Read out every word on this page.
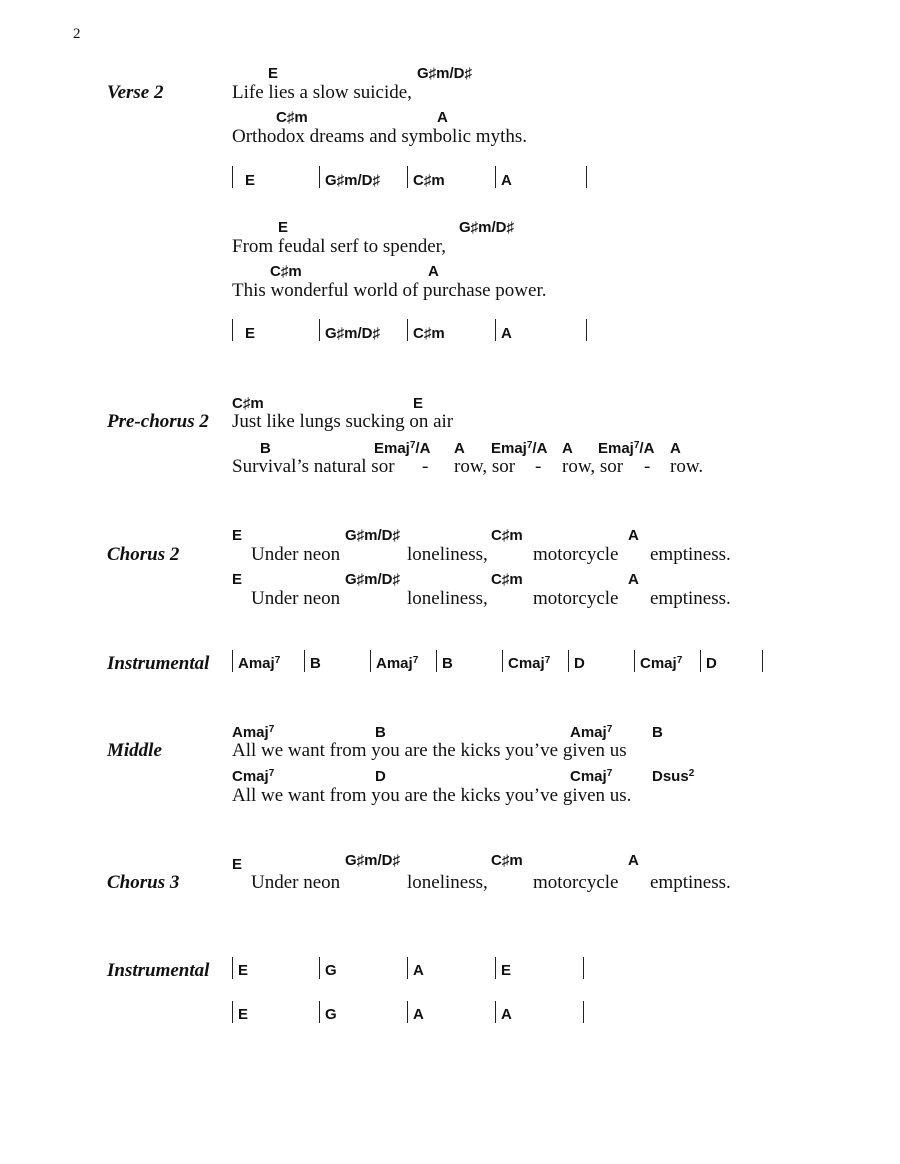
2
Verse 2
E	G♯m/D♯
Life lies a slow suicide,
C♯m	A
Orthodox dreams and symbolic myths.
E	G♯m/D♯ C♯m	A
E	G♯m/D♯
From feudal serf to spender,
C♯m	A
This wonderful world of purchase power.
E	G♯m/D♯ C♯m	A
Pre-chorus 2
C♯m	E
Just like lungs sucking on air
B	Emaj$^7$/A A Emaj$^7$/A A Emaj$^7$/A A
Survival’s natural sor - row, sor - row, sor - row.
Chorus 2
E	G♯m/D♯	C♯m	A
Under neon	loneliness, motorcycle emptiness.
E	G♯m/D♯	C♯m	A
Under neon	loneliness, motorcycle emptiness.
Instrumental Amaj$^7$ B	Amaj$^7$ B	Cmaj$^7$ D	Cmaj$^7$ D
Middle
Amaj$^7$	B	Amaj$^7$	B
All we want from you are the kicks you’ve given us
Cmaj$^7$	D	Cmaj$^7$	Dsus$^2$
All we want from you are the kicks you’ve given us.
Chorus 3
E	G♯m/D♯	C♯m	A
Under neon	loneliness, motorcycle emptiness.
Instrumental E	G	A	E
E	G	A	A
